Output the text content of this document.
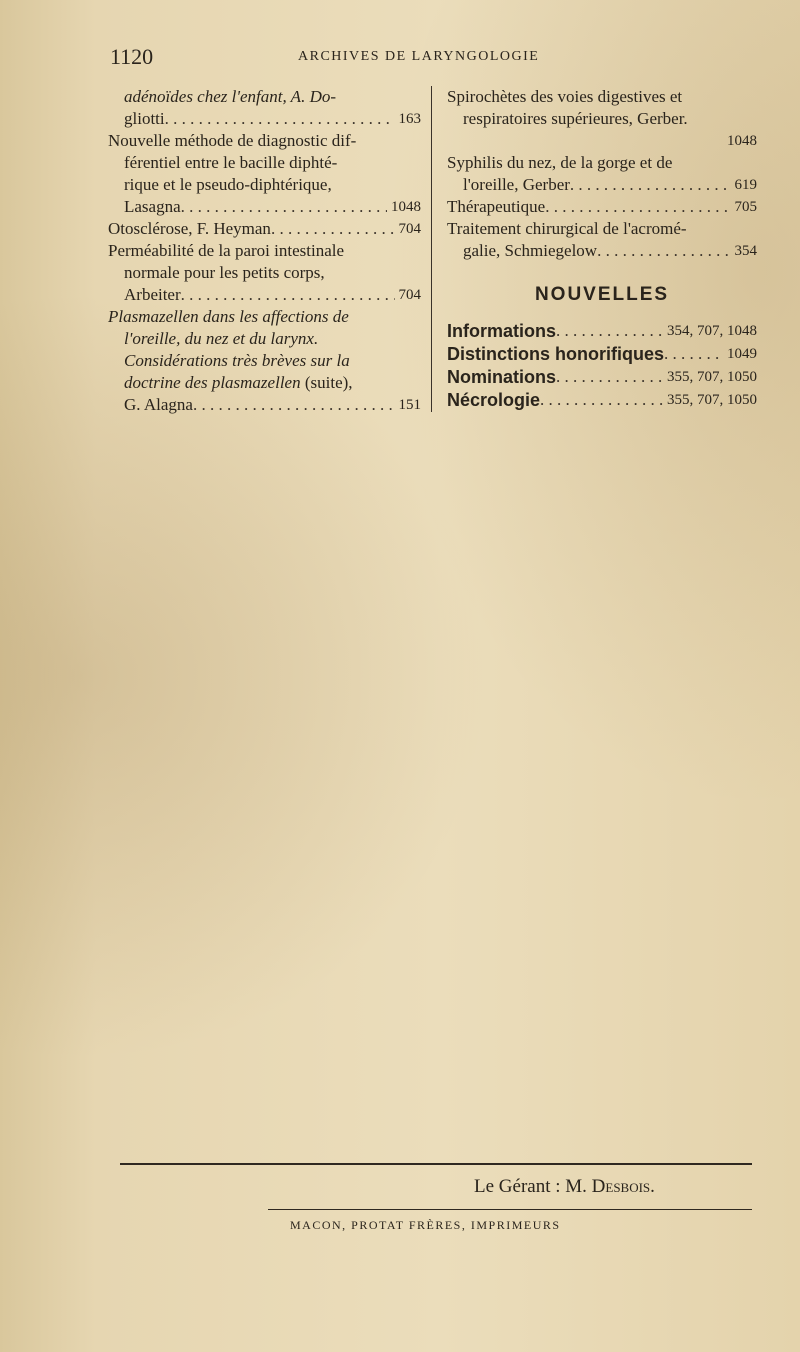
1120	ARCHIVES DE LARYNGOLOGIE
adénoïdes chez l'enfant, A. Do-
gliotti . . .	163
Nouvelle méthode de diagnostic dif-
férentiel entre le bacille diphté-
rique et le pseudo-diphtérique,
Lasagna . . .	1048
Otosclérose, F. Heyman . . .	704
Perméabilité de la paroi intestinale
normale pour les petits corps,
Arbeiter . . .	704
Plasmazellen dans les affections de
l'oreille, du nez et du larynx.
Considérations très brèves sur la
doctrine des plasmazellen (suite),
G. Alagna . . .	151
Spirochètes des voies digestives et
respiratoires supérieures, Gerber.
1048
Syphilis du nez, de la gorge et de
l'oreille, Gerber . . .	619
Thérapeutique . . .	705
Traitement chirurgical de l'acromé-
galie, Schmiegelow . . .	354
NOUVELLES
Informations . . .	354, 707, 1048
Distinctions honorifiques . . .	1049
Nominations . . .	355, 707, 1050
Nécrologie . . .	355, 707, 1050
Le Gérant : M. Desbois.
MACON, PROTAT FRÈRES, IMPRIMEURS
